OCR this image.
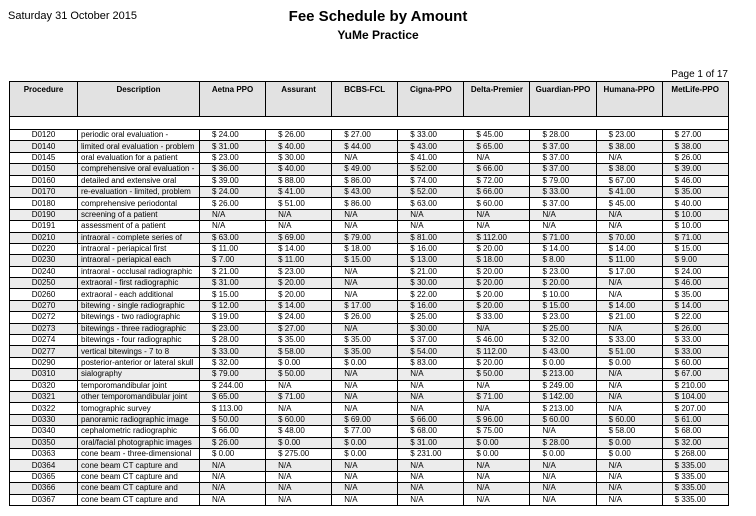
Saturday 31 October 2015	Fee Schedule by Amount
YuMe Practice
Page 1 of 17
Procedure	Description	Aetna PPO	Assurant	BCBS-FCL	Cigna-PPO	Delta-Premier	Guardian-PPO	Humana-PPO	MetLife-PPO

D0120	periodic oral evaluation -	$ 24.00	$ 26.00	$ 27.00	$ 33.00	$ 45.00	$ 28.00	$ 23.00	$ 27.00
D0140	limited oral evaluation - problem	$ 31.00	$ 40.00	$ 44.00	$ 43.00	$ 65.00	$ 37.00	$ 38.00	$ 38.00
D0145	oral evaluation for a patient	$ 23.00	$ 30.00	N/A	$ 41.00	N/A	$ 37.00	N/A	$ 26.00
D0150	comprehensive oral evaluation -	$ 36.00	$ 40.00	$ 49.00	$ 52.00	$ 66.00	$ 37.00	$ 38.00	$ 39.00
D0160	detailed and extensive oral	$ 39.00	$ 88.00	$ 86.00	$ 74.00	$ 72.00	$ 79.00	$ 67.00	$ 46.00
D0170	re-evaluation - limited, problem	$ 24.00	$ 41.00	$ 43.00	$ 52.00	$ 66.00	$ 33.00	$ 41.00	$ 35.00
D0180	comprehensive periodontal	$ 26.00	$ 51.00	$ 86.00	$ 63.00	$ 60.00	$ 37.00	$ 45.00	$ 40.00
D0190	screening of a patient	N/A	N/A	N/A	N/A	N/A	N/A	N/A	$ 10.00
D0191	assessment of a patient	N/A	N/A	N/A	N/A	N/A	N/A	N/A	$ 10.00
D0210	intraoral - complete series of	$ 63.00	$ 69.00	$ 79.00	$ 81.00	$ 112.00	$ 71.00	$ 70.00	$ 71.00
D0220	intraoral - periapical first	$ 11.00	$ 14.00	$ 18.00	$ 16.00	$ 20.00	$ 14.00	$ 14.00	$ 15.00
D0230	intraoral - periapical each	$ 7.00	$ 11.00	$ 15.00	$ 13.00	$ 18.00	$ 8.00	$ 11.00	$ 9.00
D0240	intraoral - occlusal radiographic	$ 21.00	$ 23.00	N/A	$ 21.00	$ 20.00	$ 23.00	$ 17.00	$ 24.00
D0250	extraoral - first radiographic	$ 31.00	$ 20.00	N/A	$ 30.00	$ 20.00	$ 20.00	N/A	$ 46.00
D0260	extraoral - each additional	$ 15.00	$ 20.00	N/A	$ 22.00	$ 20.00	$ 10.00	N/A	$ 35.00
D0270	bitewing - single radiographic	$ 12.00	$ 14.00	$ 17.00	$ 16.00	$ 20.00	$ 15.00	$ 14.00	$ 14.00
D0272	bitewings - two radiographic	$ 19.00	$ 24.00	$ 26.00	$ 25.00	$ 33.00	$ 23.00	$ 21.00	$ 22.00
D0273	bitewings - three radiographic	$ 23.00	$ 27.00	N/A	$ 30.00	N/A	$ 25.00	N/A	$ 26.00
D0274	bitewings - four radiographic	$ 28.00	$ 35.00	$ 35.00	$ 37.00	$ 46.00	$ 32.00	$ 33.00	$ 33.00
D0277	vertical bitewings - 7 to 8	$ 33.00	$ 58.00	$ 35.00	$ 54.00	$ 112.00	$ 43.00	$ 51.00	$ 33.00
D0290	posterior-anterior or lateral skull	$ 32.00	$ 0.00	$ 0.00	$ 83.00	$ 20.00	$ 0.00	$ 0.00	$ 60.00
D0310	sialography	$ 79.00	$ 50.00	N/A	N/A	$ 50.00	$ 213.00	N/A	$ 67.00
D0320	temporomandibular joint	$ 244.00	N/A	N/A	N/A	N/A	$ 249.00	N/A	$ 210.00
D0321	other temporomandibular joint	$ 65.00	$ 71.00	N/A	N/A	$ 71.00	$ 142.00	N/A	$ 104.00
D0322	tomographic survey	$ 113.00	N/A	N/A	N/A	N/A	$ 213.00	N/A	$ 207.00
D0330	panoramic radiographic image	$ 50.00	$ 60.00	$ 69.00	$ 66.00	$ 96.00	$ 60.00	$ 60.00	$ 61.00
D0340	cephalometric radiographic	$ 66.00	$ 48.00	$ 77.00	$ 68.00	$ 75.00	N/A	$ 58.00	$ 68.00
D0350	oral/facial photographic images	$ 26.00	$ 0.00	$ 0.00	$ 31.00	$ 0.00	$ 28.00	$ 0.00	$ 32.00
D0363	cone beam - three-dimensional	$ 0.00	$ 275.00	$ 0.00	$ 231.00	$ 0.00	$ 0.00	$ 0.00	$ 268.00
D0364	cone beam CT capture and	N/A	N/A	N/A	N/A	N/A	N/A	N/A	$ 335.00
D0365	cone beam CT capture and	N/A	N/A	N/A	N/A	N/A	N/A	N/A	$ 335.00
D0366	cone beam CT capture and	N/A	N/A	N/A	N/A	N/A	N/A	N/A	$ 335.00
D0367	cone beam CT capture and	N/A	N/A	N/A	N/A	N/A	N/A	N/A	$ 335.00
